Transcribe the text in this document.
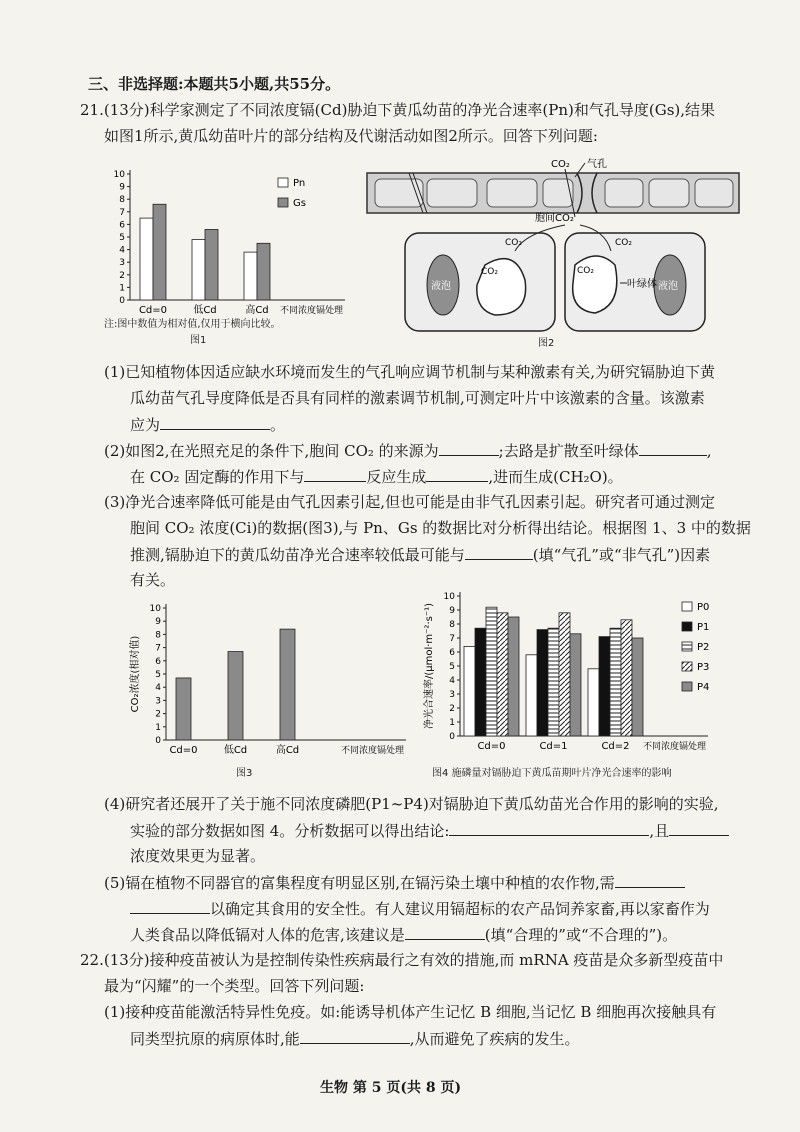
三、非选择题:本题共5小题,共55分。
21.(13分)科学家测定了不同浓度镉(Cd)胁迫下黄瓜幼苗的净光合速率(Pn)和气孔导度(Gs),结果
如图1所示,黄瓜幼苗叶片的部分结构及代谢活动如图2所示。回答下列问题:
0
1
2
3
4
5
6
7
8
9
10
Cd=0	低Cd	高Cd 不同浓度镉处理
Pn
Gs
注:图中数值为相对值,仅用于横向比较。
图1
CO₂ 气孔
胞间CO₂
液泡
CO₂
CO₂
CO₂
CO₂
液泡
叶绿体
图2
(1)已知植物体因适应缺水环境而发生的气孔响应调节机制与某种激素有关,为研究镉胁迫下黄
瓜幼苗气孔导度降低是否具有同样的激素调节机制,可测定叶片中该激素的含量。该激素
应为	。
(2)如图2,在光照充足的条件下,胞间 CO₂ 的来源为	;去路是扩散至叶绿体	,
在 CO₂ 固定酶的作用下与	反应生成	,进而生成(CH₂O)。
(3)净光合速率降低可能是由气孔因素引起,但也可能是由非气孔因素引起。研究者可通过测定
胞间 CO₂ 浓度(Ci)的数据(图3),与 Pn、Gs 的数据比对分析得出结论。根据图 1、3 中的数据
推测,镉胁迫下的黄瓜幼苗净光合速率较低最可能与	(填“气孔”或“非气孔”)因素
有关。
0
1
2
3
4
5
6
7
8
9
10
Cd=0	低Cd	高Cd	不同浓度镉处理
CO₂浓度(相对值)
图3
0
1
2
3
4
5
6
7
8
9
10
Cd=0	Cd=1	Cd=2 不同浓度镉处理
P0
P1
P2
P3
P4
净光合速率/(μmol·m⁻²·s⁻¹)
图4 施磷量对镉胁迫下黄瓜苗期叶片净光合速率的影响
(4)研究者还展开了关于施不同浓度磷肥(P1~P4)对镉胁迫下黄瓜幼苗光合作用的影响的实验,
实验的部分数据如图 4。分析数据可以得出结论:	,且
浓度效果更为显著。
(5)镉在植物不同器官的富集程度有明显区别,在镉污染土壤中种植的农作物,需
以确定其食用的安全性。有人建议用镉超标的农产品饲养家畜,再以家畜作为
人类食品以降低镉对人体的危害,该建议是	(填“合理的”或“不合理的”)。
22.(13分)接种疫苗被认为是控制传染性疾病最行之有效的措施,而 mRNA 疫苗是众多新型疫苗中
最为“闪耀”的一个类型。回答下列问题:
(1)接种疫苗能激活特异性免疫。如:能诱导机体产生记忆 B 细胞,当记忆 B 细胞再次接触具有
同类型抗原的病原体时,能	,从而避免了疾病的发生。
生物 第 5 页(共 8 页)
